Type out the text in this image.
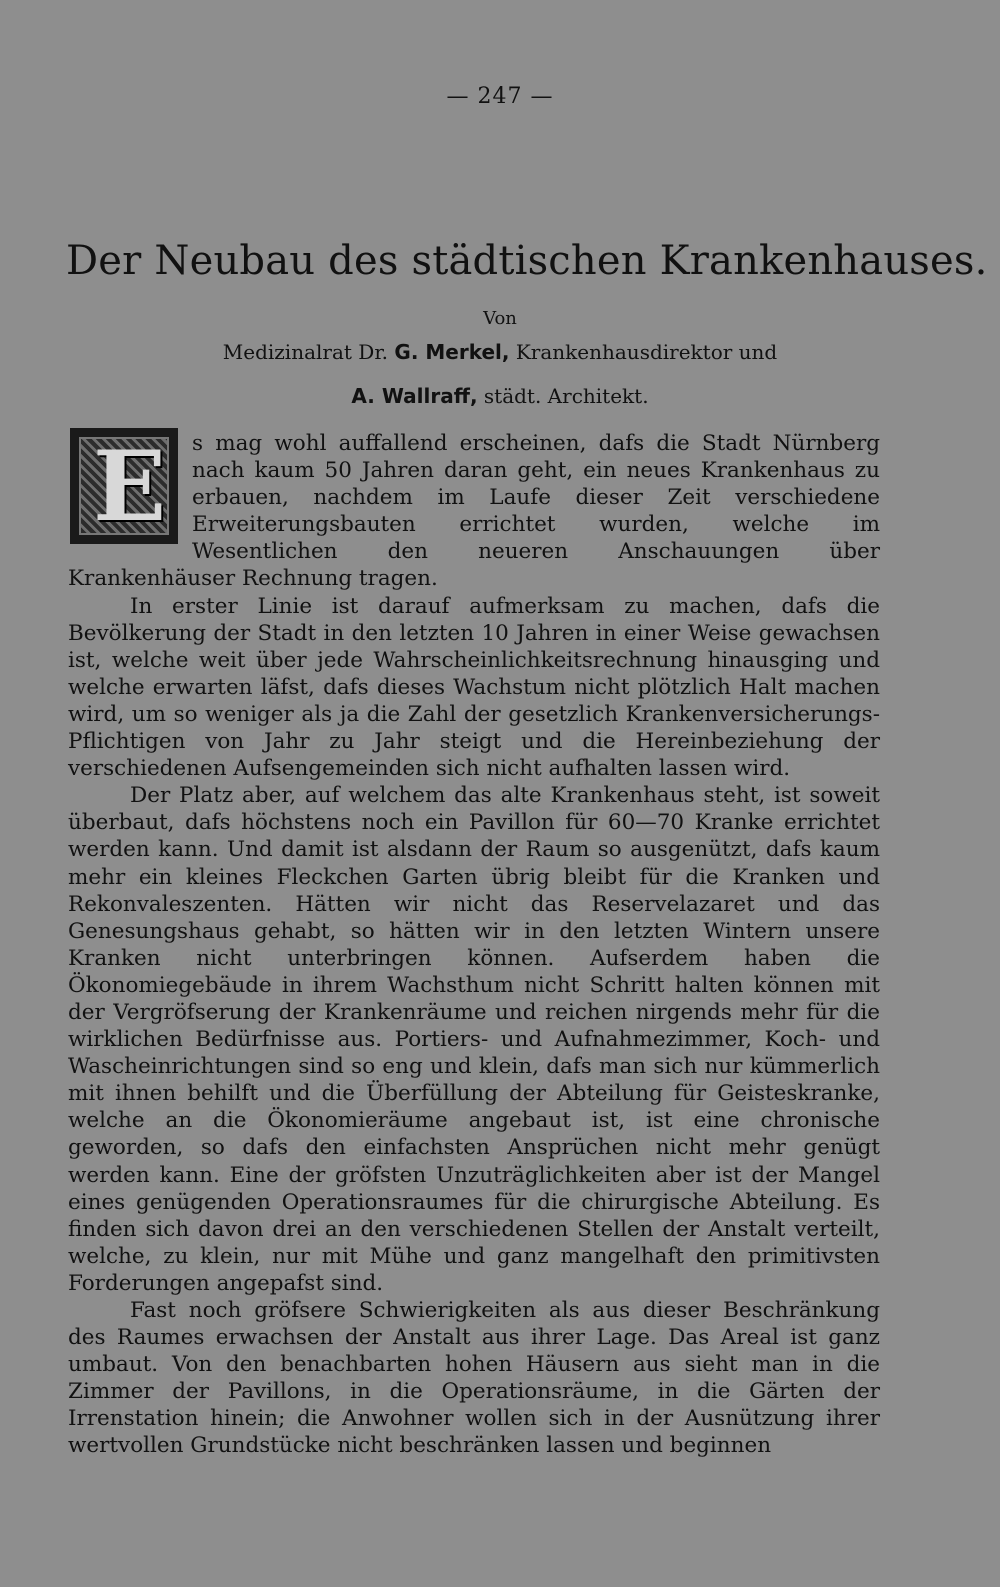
— 247 —
Der Neubau des städtischen Krankenhauses.
Von
Medizinalrat Dr. G. Merkel, Krankenhausdirektor und
A. Wallraff, städt. Architekt.
E	s mag wohl auffallend erscheinen, dafs die Stadt Nürnberg nach kaum 50 Jahren daran geht, ein neues Krankenhaus zu erbauen, nachdem im Laufe dieser Zeit verschiedene Erweiterungsbauten errichtet wurden, welche im Wesentlichen den neueren Anschauungen über Krankenhäuser Rechnung tragen.

In erster Linie ist darauf aufmerksam zu machen, dafs die Bevölkerung der Stadt in den letzten 10 Jahren in einer Weise gewachsen ist, welche weit über jede Wahrscheinlichkeitsrechnung hinausging und welche erwarten läfst, dafs dieses Wachstum nicht plötzlich Halt machen wird, um so weniger als ja die Zahl der gesetzlich Krankenversicherungs-Pflichtigen von Jahr zu Jahr steigt und die Hereinbeziehung der verschiedenen Aufsengemeinden sich nicht aufhalten lassen wird.

Der Platz aber, auf welchem das alte Krankenhaus steht, ist soweit überbaut, dafs höchstens noch ein Pavillon für 60—70 Kranke errichtet werden kann. Und damit ist alsdann der Raum so ausgenützt, dafs kaum mehr ein kleines Fleckchen Garten übrig bleibt für die Kranken und Rekonvaleszenten. Hätten wir nicht das Reservelazaret und das Genesungshaus gehabt, so hätten wir in den letzten Wintern unsere Kranken nicht unterbringen können. Aufserdem haben die Ökonomiegebäude in ihrem Wachsthum nicht Schritt halten können mit der Vergröfserung der Krankenräume und reichen nirgends mehr für die wirklichen Bedürfnisse aus. Portiers- und Aufnahmezimmer, Koch- und Wascheinrichtungen sind so eng und klein, dafs man sich nur kümmerlich mit ihnen behilft und die Überfüllung der Abteilung für Geisteskranke, welche an die Ökonomieräume angebaut ist, ist eine chronische geworden, so dafs den einfachsten Ansprüchen nicht mehr genügt werden kann. Eine der gröfsten Unzuträglichkeiten aber ist der Mangel eines genügenden Operationsraumes für die chirurgische Abteilung. Es finden sich davon drei an den verschiedenen Stellen der Anstalt verteilt, welche, zu klein, nur mit Mühe und ganz mangelhaft den primitivsten Forderungen angepafst sind.

Fast noch gröfsere Schwierigkeiten als aus dieser Beschränkung des Raumes erwachsen der Anstalt aus ihrer Lage. Das Areal ist ganz umbaut. Von den benachbarten hohen Häusern aus sieht man in die Zimmer der Pavillons, in die Operationsräume, in die Gärten der Irrenstation hinein; die Anwohner wollen sich in der Ausnützung ihrer wertvollen Grundstücke nicht beschränken lassen und beginnen
